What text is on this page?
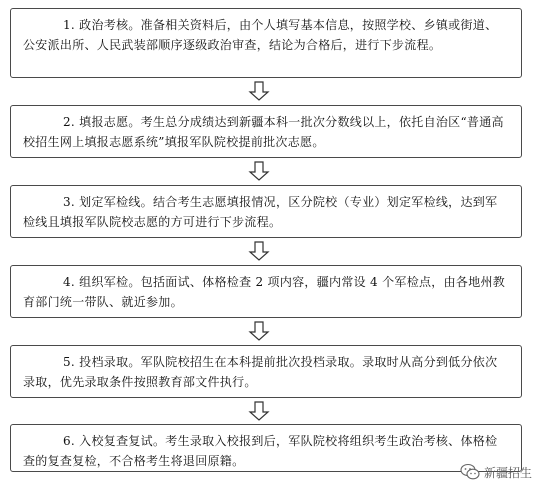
1. 政治考核。准备相关资料后，由个人填写基本信息，按照学校、乡镇或街道、公安派出所、人民武装部顺序逐级政治审查，结论为合格后，进行下步流程。
2. 填报志愿。考生总分成绩达到新疆本科一批次分数线以上，依托自治区“普通高校招生网上填报志愿系统”填报军队院校提前批次志愿。
3. 划定军检线。结合考生志愿填报情况，区分院校（专业）划定军检线，达到军检线且填报军队院校志愿的方可进行下步流程。
4. 组织军检。包括面试、体格检查 2 项内容，疆内常设 4 个军检点，由各地州教育部门统一带队、就近参加。
5. 投档录取。军队院校招生在本科提前批次投档录取。录取时从高分到低分依次录取，优先录取条件按照教育部文件执行。
6. 入校复查复试。考生录取入校报到后，军队院校将组织考生政治考核、体格检查的复查复检，不合格考生将退回原籍。
新疆招生
